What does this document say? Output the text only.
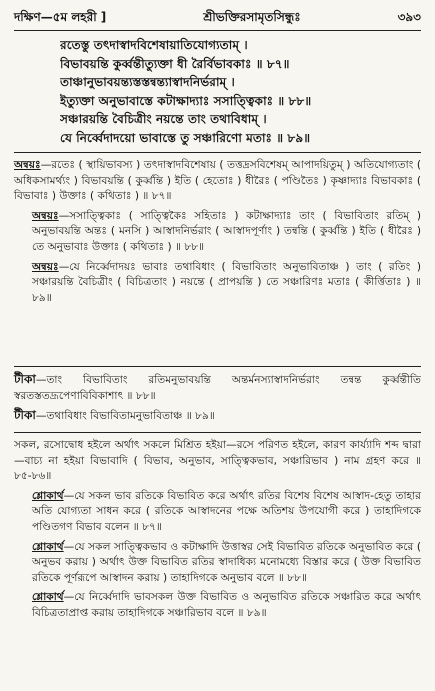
দক্ষিণ—৫ম লহরী ]	শ্রীভক্তিরসামৃতসিন্ধুঃ	৩৯৩
রতেস্তু তৎদাস্বাদবিশেষায়াতিযোগ্যতাম্ ।
বিভাবয়ন্তি কুর্ব্বন্তীত্যুক্তা ধী রৈর্বিভাবকাঃ ॥ ৮৭॥
তাঞ্চানুভাবয়ন্ত্যস্তস্তন্বন্ত্যাস্বাদনির্ভরাম্ ।
ইত্যুক্তা অনুভাবাস্তে কটাক্ষাদ্যাঃ সসাত্ত্বিকাঃ ॥ ৮৮॥
সঞ্চারয়ন্তি বৈচিত্রীং নয়ন্তে তাং তথাবিধাম্ ।
যে নির্ব্বেদাদয়ো ভাবাস্তে তু সঞ্চারিণো মতাঃ ॥ ৮৯॥

অন্বয়ঃ—রতেঃ ( স্থায়িভাবস্য ) তৎদাস্বাদবিশেষায় ( তত্তদ্রসবিশেষম্ আপাদয়িতুম্ ) অতিযোগ্যতাং ( অধিকসামর্থ্যং ) বিভাবয়ন্তি ( কুর্ব্বন্তি ) ইতি ( হেতোঃ ) ধীরৈঃ ( পণ্ডিতৈঃ ) কৃষ্ণাদ্যাঃ বিভাবকাঃ ( বিভাবাঃ ) উক্তাঃ ( কথিতাঃ ) ॥ ৮৭॥

অন্বয়ঃ—সসাত্ত্বিকাঃ ( সাত্ত্বিকৈঃ সহিতাঃ ) কটাক্ষাদ্যাঃ তাং ( বিভাবিতাং রতিম্ ) অনুভাবয়ন্তি অন্তঃ ( মনসি ) আস্বাদনির্ভরাং ( আস্বাদপূর্ণাং ) তন্বন্তি ( কুর্ব্বন্তি ) ইতি ( ধীরৈঃ ) তে অনুভাবাঃ উক্তাঃ ( কথিতাঃ ) ॥ ৮৮॥

অন্বয়ঃ—যে নির্ব্বেদাদয়ঃ ভাবাঃ তথাবিধাং ( বিভাবিতাং অনুভাবিতাঞ্চ ) তাং ( রতিং ) সঞ্চারয়ন্তি বৈচিত্রীং ( বিচিত্রতাং ) নয়ন্তে ( প্রাপয়ন্তি ) তে সঞ্চারিণঃ মতাঃ ( কীর্ত্তিতাঃ ) ॥ ৮৯॥

টীকা—তাং বিভাবিতাং রতিমনুভাবয়ন্তি অন্তর্মনস্যাস্বাদনির্ভরাং তন্বন্ত কুর্ব্বন্তীতি স্বরতস্ততদ্রূপেণাবিবিকাশাৎ ॥ ৮৮॥

টীকা—তথাবিধাং বিভাবিতামনুভাবিতাঞ্চ ॥ ৮৯॥

সকল, রসোদ্বোধ হইলে অর্থাৎ সকলে মিশ্রিত হইয়া—রসে পরিণত হইলে, কারণ কার্য্যাদি শব্দ দ্বারা—বাচ্য না হইয়া বিভাবাদি ( বিভাব, অনুভাব, সাত্ত্বিকভাব, সঞ্চারিভাব ) নাম গ্রহণ করে ॥ ৮৫-৮৬॥

শ্লোকার্থ—যে সকল ভাব রতিকে বিভাবিত করে অর্থাৎ রতির বিশেষ বিশেষ আস্বাদ-হেতু তাহার অতি যোগ্যতা সাধন করে ( রতিকে আস্বাদনের পক্ষে অতিশয় উপযোগী করে ) তাহাদিগকে পণ্ডিতগণ বিভাব বলেন ॥ ৮৭॥

শ্লোকার্থ—যে সকল সাত্ত্বিকভাব ও কটাক্ষাদি উত্তাস্বর সেই বিভাবিত রতিকে অনুভাবিত করে ( অনুভব করায় ) অর্থাৎ উক্ত বিভাবিত রতির স্বাদাধিক্য মনোমধ্যে বিস্তার করে ( উক্ত বিভাবিত রতিকে পূর্ণরূপে আস্বাদন করায় ) তাহাদিগকে অনুভাব বলে ॥ ৮৮॥

শ্লোকার্থ—যে নির্ব্বেদাদি ভাবসকল উক্ত বিভাবিত ও অনুভাবিত রতিকে সঞ্চারিত করে অর্থাৎ বিচিত্রতাপ্রাপ্ত করায় তাহাদিগকে সঞ্চারিভাব বলে ॥ ৮৯॥
